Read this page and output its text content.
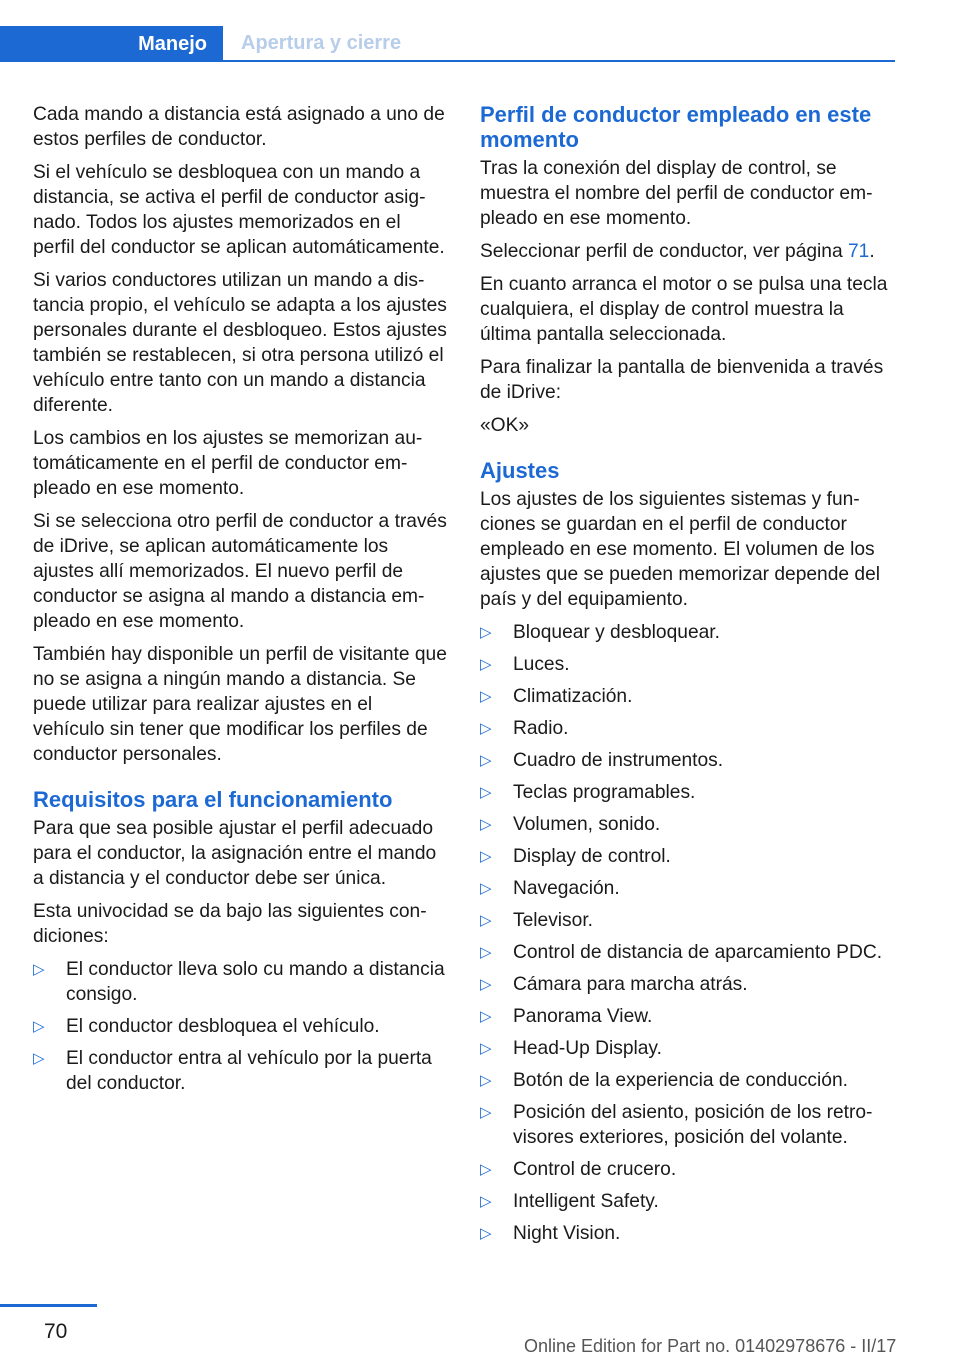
Manejo	Apertura y cierre

Cada mando a distancia está asignado a uno de estos perfiles de conductor.

Si el vehículo se desbloquea con un mando a distancia, se activa el perfil de conductor asignado. Todos los ajustes memorizados en el perfil del conductor se aplican automáticamente.

Si varios conductores utilizan un mando a distancia propio, el vehículo se adapta a los ajustes personales durante el desbloqueo. Estos ajustes también se restablecen, si otra persona utilizó el vehículo entre tanto con un mando a distancia diferente.

Los cambios en los ajustes se memorizan automáticamente en el perfil de conductor empleado en ese momento.

Si se selecciona otro perfil de conductor a través de iDrive, se aplican automáticamente los ajustes allí memorizados. El nuevo perfil de conductor se asigna al mando a distancia empleado en ese momento.

También hay disponible un perfil de visitante que no se asigna a ningún mando a distancia. Se puede utilizar para realizar ajustes en el vehículo sin tener que modificar los perfiles de conductor personales.

Requisitos para el funcionamiento

Para que sea posible ajustar el perfil adecuado para el conductor, la asignación entre el mando a distancia y el conductor debe ser única.

Esta univocidad se da bajo las siguientes condiciones:

▷ El conductor lleva solo cu mando a distancia consigo.
▷ El conductor desbloquea el vehículo.
▷ El conductor entra al vehículo por la puerta del conductor.
Perfil de conductor empleado en este momento

Tras la conexión del display de control, se muestra el nombre del perfil de conductor empleado en ese momento.

Seleccionar perfil de conductor, ver página 71.

En cuanto arranca el motor o se pulsa una tecla cualquiera, el display de control muestra la última pantalla seleccionada.

Para finalizar la pantalla de bienvenida a través de iDrive:

«OK»

Ajustes

Los ajustes de los siguientes sistemas y funciones se guardan en el perfil de conductor empleado en ese momento. El volumen de los ajustes que se pueden memorizar depende del país y del equipamiento.

▷ Bloquear y desbloquear.
▷ Luces.
▷ Climatización.
▷ Radio.
▷ Cuadro de instrumentos.
▷ Teclas programables.
▷ Volumen, sonido.
▷ Display de control.
▷ Navegación.
▷ Televisor.
▷ Control de distancia de aparcamiento PDC.
▷ Cámara para marcha atrás.
▷ Panorama View.
▷ Head-Up Display.
▷ Botón de la experiencia de conducción.
▷ Posición del asiento, posición de los retrovisores exteriores, posición del volante.
▷ Control de crucero.
▷ Intelligent Safety.
▷ Night Vision.
70
Online Edition for Part no. 01402978676 - II/17
